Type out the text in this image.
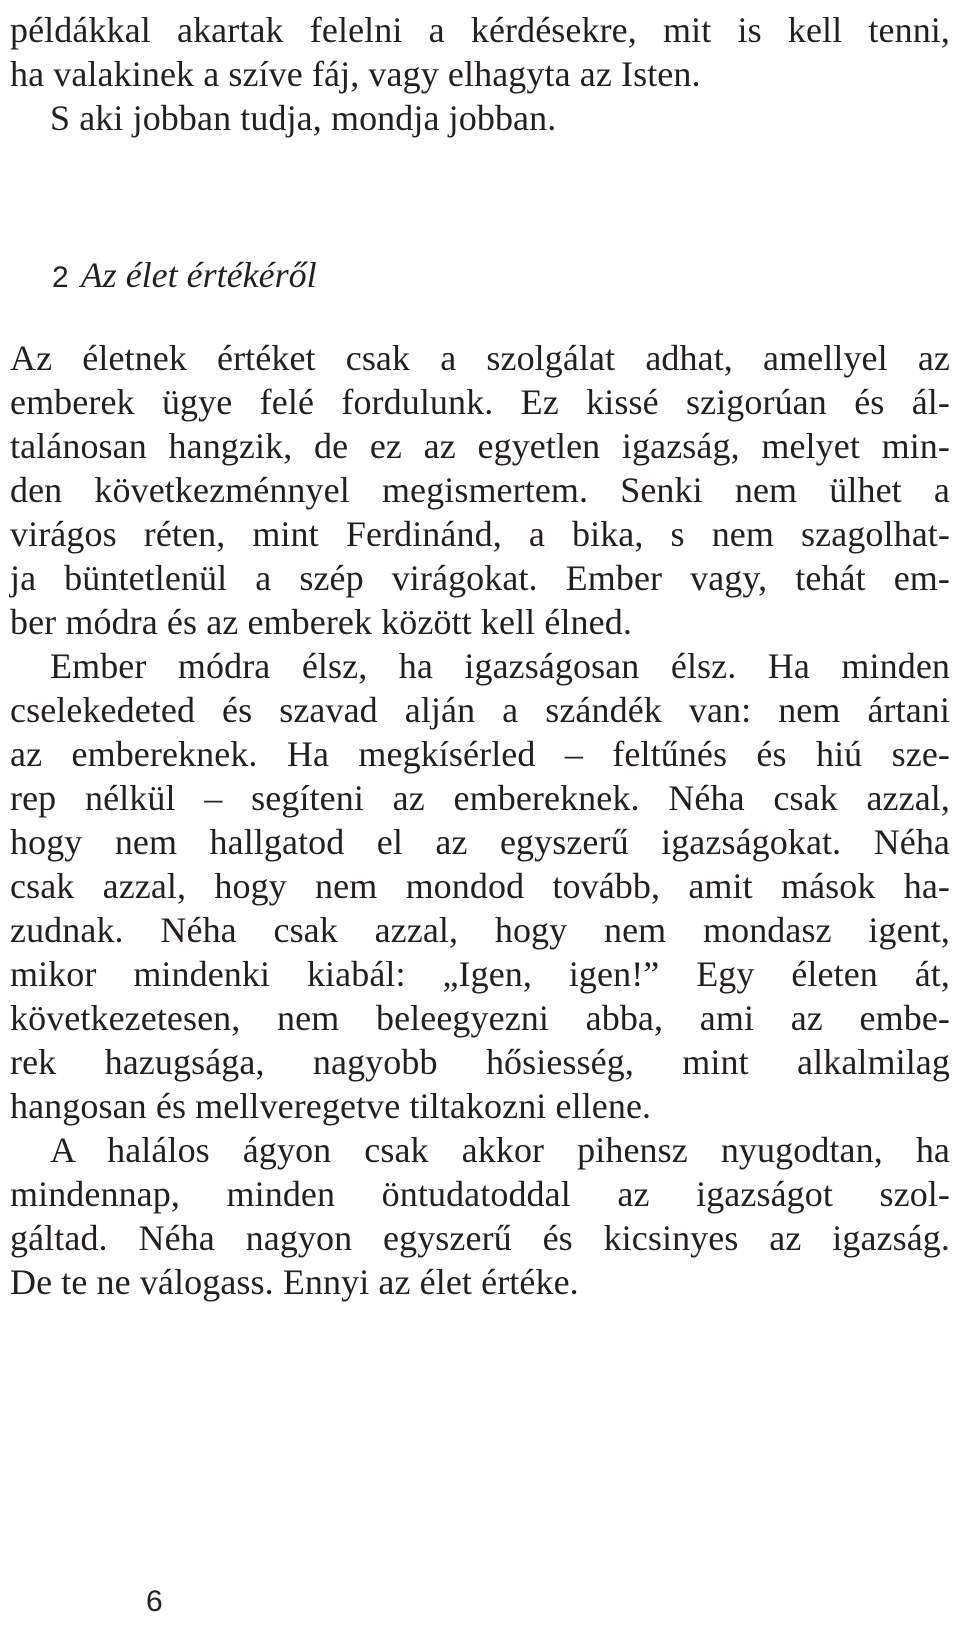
példákkal akartak felelni a kérdésekre, mit is kell tenni,
ha valakinek a szíve fáj, vagy elhagyta az Isten.
S aki jobban tudja, mondja jobban.
2 Az élet értékéről
Az életnek értéket csak a szolgálat adhat, amellyel az
emberek ügye felé fordulunk. Ez kissé szigorúan és ál-
talánosan hangzik, de ez az egyetlen igazság, melyet min-
den következménnyel megismertem. Senki nem ülhet a
virágos réten, mint Ferdinánd, a bika, s nem szagolhat-
ja büntetlenül a szép virágokat. Ember vagy, tehát em-
ber módra és az emberek között kell élned.
Ember módra élsz, ha igazságosan élsz. Ha minden
cselekedeted és szavad alján a szándék van: nem ártani
az embereknek. Ha megkísérled – feltűnés és hiú sze-
rep nélkül – segíteni az embereknek. Néha csak azzal,
hogy nem hallgatod el az egyszerű igazságokat. Néha
csak azzal, hogy nem mondod tovább, amit mások ha-
zudnak. Néha csak azzal, hogy nem mondasz igent,
mikor mindenki kiabál: „Igen, igen!” Egy életen át,
következetesen, nem beleegyezni abba, ami az embe-
rek hazugsága, nagyobb hősiesség, mint alkalmilag
hangosan és mellveregetve tiltakozni ellene.
A halálos ágyon csak akkor pihensz nyugodtan, ha
mindennap, minden öntudatoddal az igazságot szol-
gáltad. Néha nagyon egyszerű és kicsinyes az igazság.
De te ne válogass. Ennyi az élet értéke.
6
